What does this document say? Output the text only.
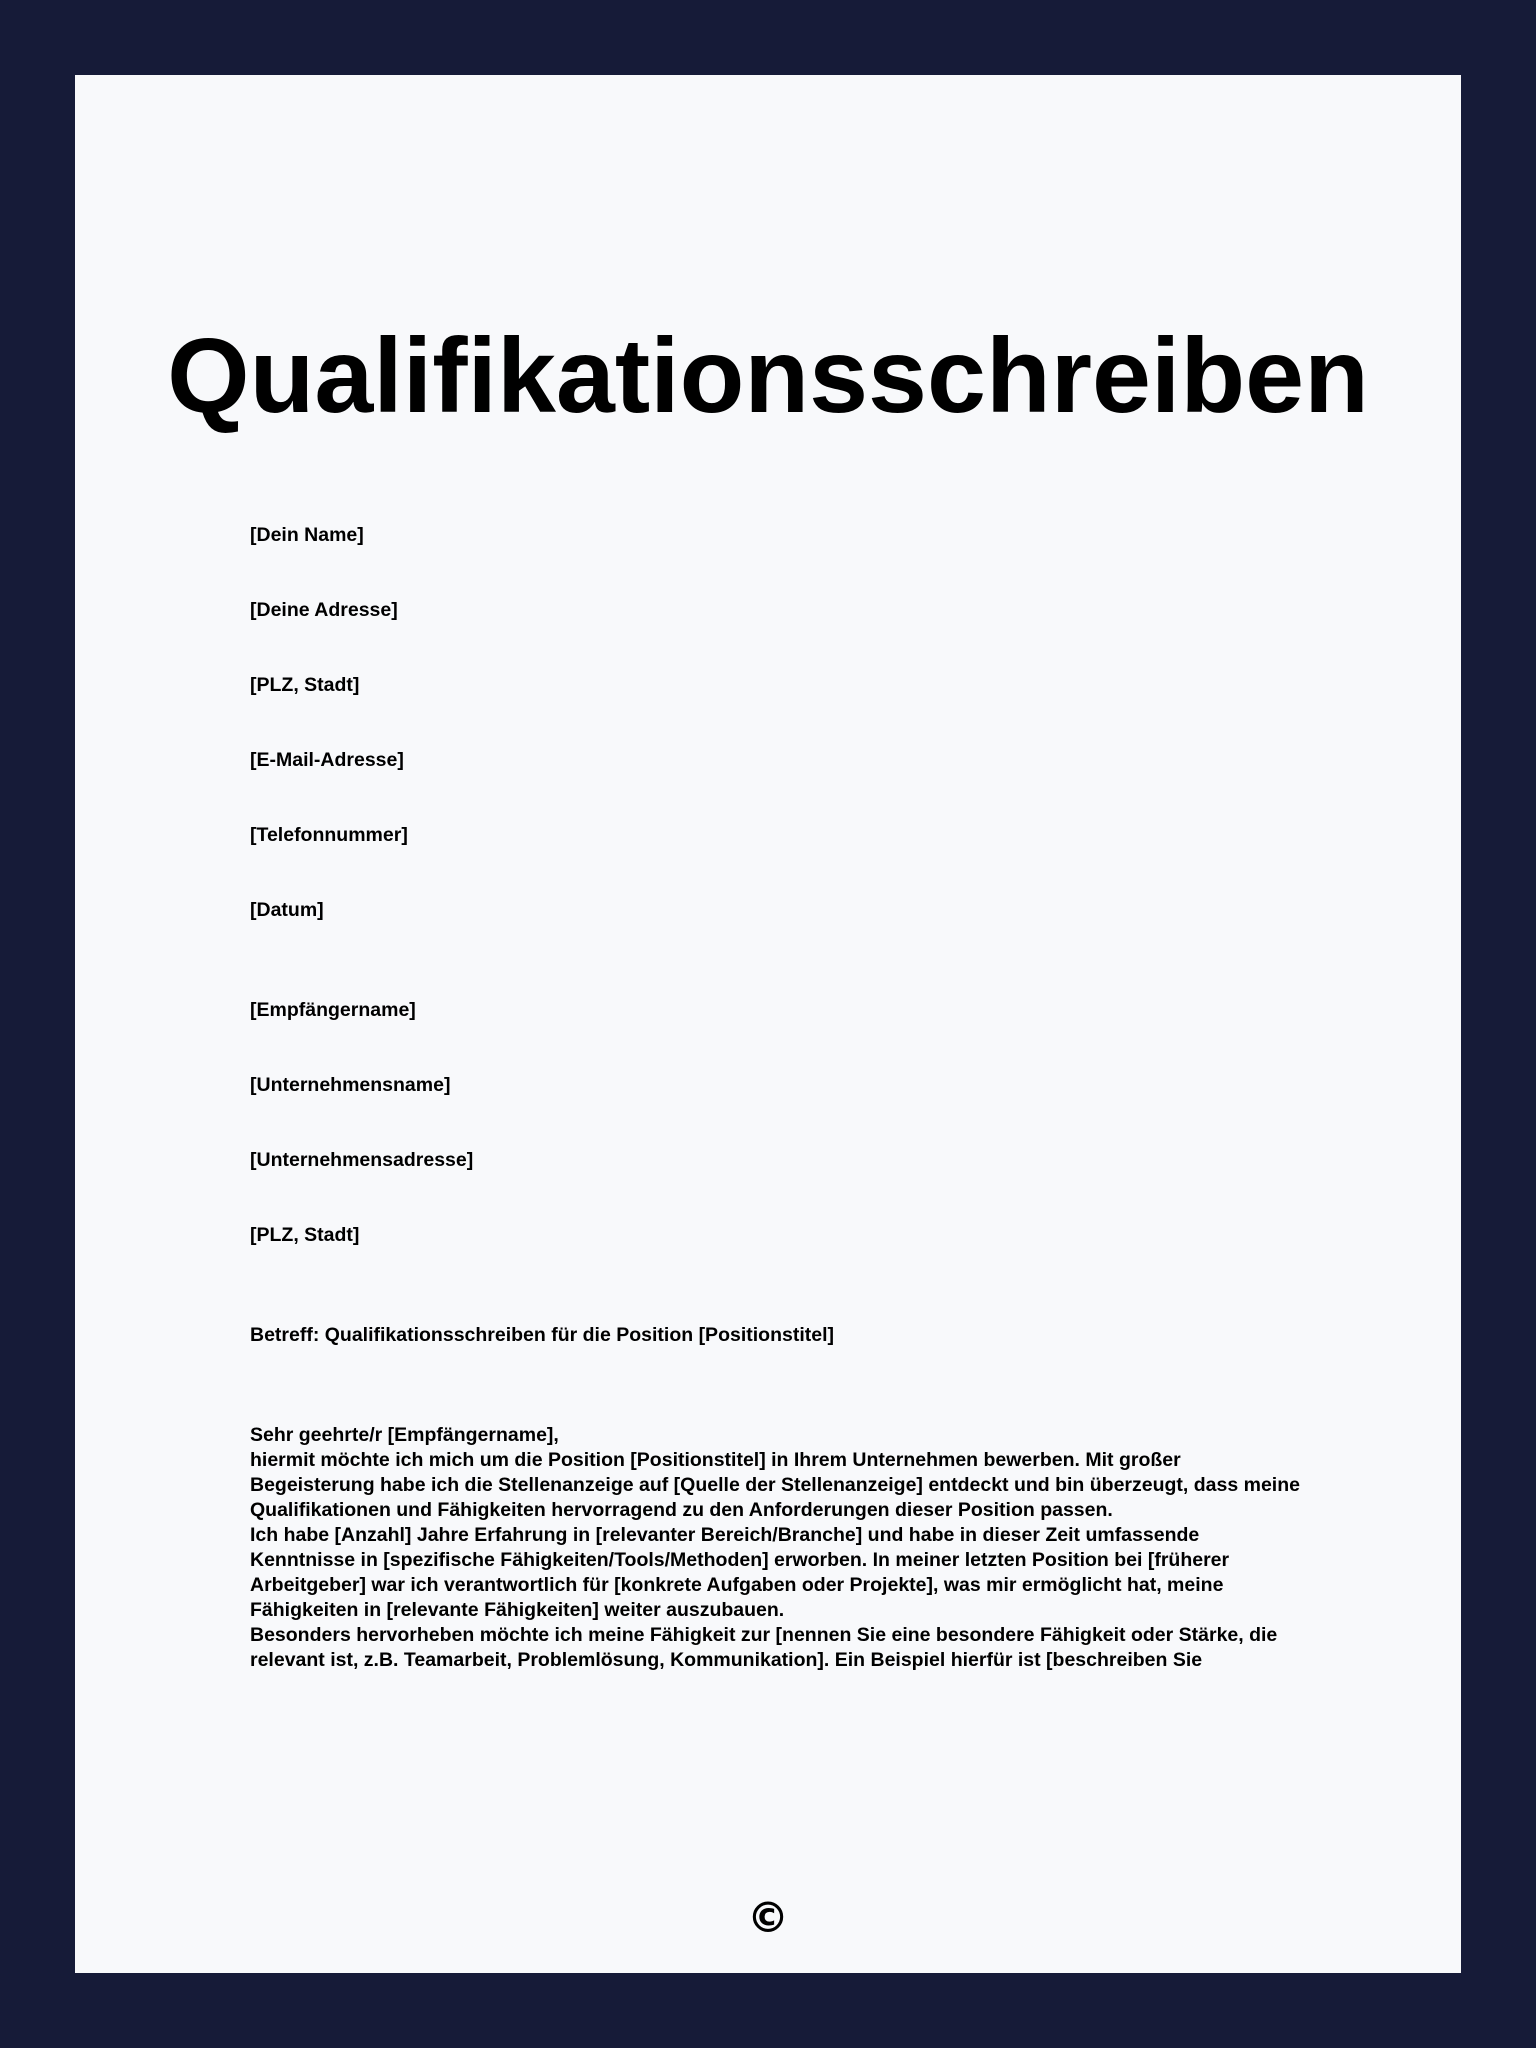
Qualifikationsschreiben

[Dein Name]

[Deine Adresse]

[PLZ, Stadt]

[E-Mail-Adresse]

[Telefonnummer]

[Datum]

[Empfängername]

[Unternehmensname]

[Unternehmensadresse]

[PLZ, Stadt]

Betreff: Qualifikationsschreiben für die Position [Positionstitel]

Sehr geehrte/r [Empfängername],

hiermit möchte ich mich um die Position [Positionstitel] in Ihrem Unternehmen bewerben. Mit großer Begeisterung habe ich die Stellenanzeige auf [Quelle der Stellenanzeige] entdeckt und bin überzeugt, dass meine Qualifikationen und Fähigkeiten hervorragend zu den Anforderungen dieser Position passen.

Ich habe [Anzahl] Jahre Erfahrung in [relevanter Bereich/Branche] und habe in dieser Zeit umfassende Kenntnisse in [spezifische Fähigkeiten/Tools/Methoden] erworben. In meiner letzten Position bei [früherer Arbeitgeber] war ich verantwortlich für [konkrete Aufgaben oder Projekte], was mir ermöglicht hat, meine Fähigkeiten in [relevante Fähigkeiten] weiter auszubauen.

Besonders hervorheben möchte ich meine Fähigkeit zur [nennen Sie eine besondere Fähigkeit oder Stärke, die relevant ist, z.B. Teamarbeit, Problemlösung, Kommunikation]. Ein Beispiel hierfür ist [beschreiben Sie

©
